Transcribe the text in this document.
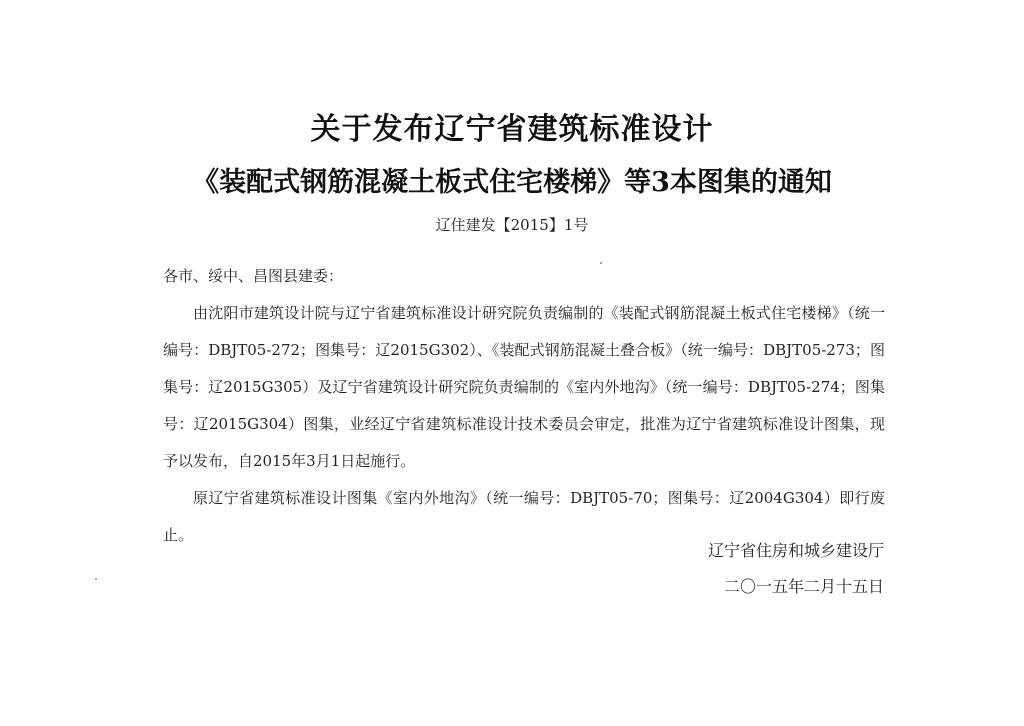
关于发布辽宁省建筑标准设计
《装配式钢筋混凝土板式住宅楼梯》等3本图集的通知
辽住建发【2015】1号

各市、绥中、昌图县建委：

由沈阳市建筑设计院与辽宁省建筑标准设计研究院负责编制的《装配式钢筋混凝土板式住宅楼梯》（统一编号：DBJT05-272；图集号：辽2015G302）、《装配式钢筋混凝土叠合板》（统一编号：DBJT05-273；图集号：辽2015G305）及辽宁省建筑设计研究院负责编制的《室内外地沟》（统一编号：DBJT05-274；图集号：辽2015G304）图集，业经辽宁省建筑标准设计技术委员会审定，批准为辽宁省建筑标准设计图集，现予以发布，自2015年3月1日起施行。

原辽宁省建筑标准设计图集《室内外地沟》（统一编号：DBJT05-70；图集号：辽2004G304）即行废止。

辽宁省住房和城乡建设厅
二〇一五年二月十五日
